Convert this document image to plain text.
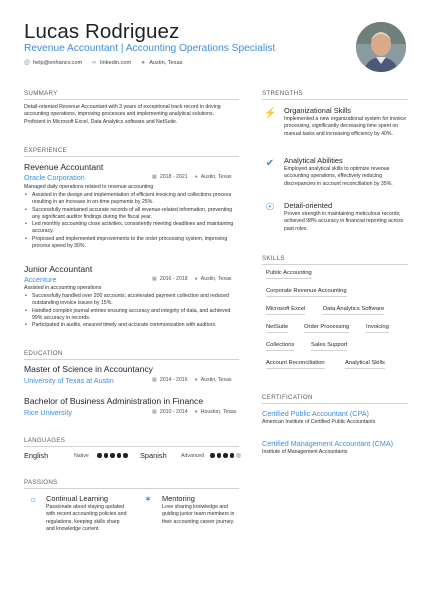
Lucas Rodriguez
Revenue Accountant | Accounting Operations Specialist
@ help@enhancv.com ∞ linkedin.com ● Austin, Texas
SUMMARY
Detail-oriented Revenue Accountant with 3 years of exceptional track record in driving accounting operations, improving processes and implementing analytical solutions. Proficient in Microsoft Excel, Data Analytics software and NetSuite.
EXPERIENCE
Revenue Accountant
Oracle Corporation	▦ 2018 - 2021 ● Austin, Texas
Managed daily operations related to revenue accounting
• Assisted in the design and implementation of efficient invoicing and collections process resulting in an increase in on-time payments by 25%.
• Successfully maintained accurate records of all revenue-related information, preventing any significant auditor findings during the fiscal year.
• Led monthly accounting close activities, consistently meeting deadlines and maintaining accuracy.
• Proposed and implemented improvements to the order processing system, improving process speed by 30%.
Junior Accountant
Accenture	▦ 2016 - 2018 ● Austin, Texas
Assisted in accounting operations
• Successfully handled over 200 accounts; accelerated payment collection and reduced outstanding invoice issues by 15%.
• Handled complex journal entries ensuring accuracy and integrity of data, and achieved 99% accuracy in records.
• Participated in audits, ensured timely and accurate communication with auditors.
EDUCATION
Master of Science in Accountancy
University of Texas at Austin	▦ 2014 - 2016 ● Austin, Texas
Bachelor of Business Administration in Finance
Rice University	▦ 2010 - 2014 ● Houston, Texas
LANGUAGES
English	Native	Spanish	Advanced
PASSIONS
☼ Continual Learning
Passionate about staying updated with recent accounting policies and regulations, keeping skills sharp and knowledge current.
✶ Mentoring
Love sharing knowledge and guiding junior team members in their accounting career journey.
STRENGTHS
⚡ Organizational Skills
Implemented a new organizational system for invoice processing, significantly decreasing time spent on manual tasks and increasing efficiency by 40%.
✔ Analytical Abilities
Employed analytical skills to optimize revenue accounting operations, effectively reducing discrepancies in account reconciliation by 35%.
☉ Detail-oriented
Proven strength in maintaining meticulous records; achieved 98% accuracy in financial reporting across past roles.
SKILLS
Public Accounting
Corporate Revenue Accounting
Microsoft Excel	Data Analytics Software
NetSuite	Order Processing	Invoicing
Collections	Sales Support
Account Reconciliation	Analytical Skills
CERTIFICATION
Certified Public Accountant (CPA)
American Institute of Certified Public Accountants
Certified Management Accountant (CMA)
Institute of Management Accountants
